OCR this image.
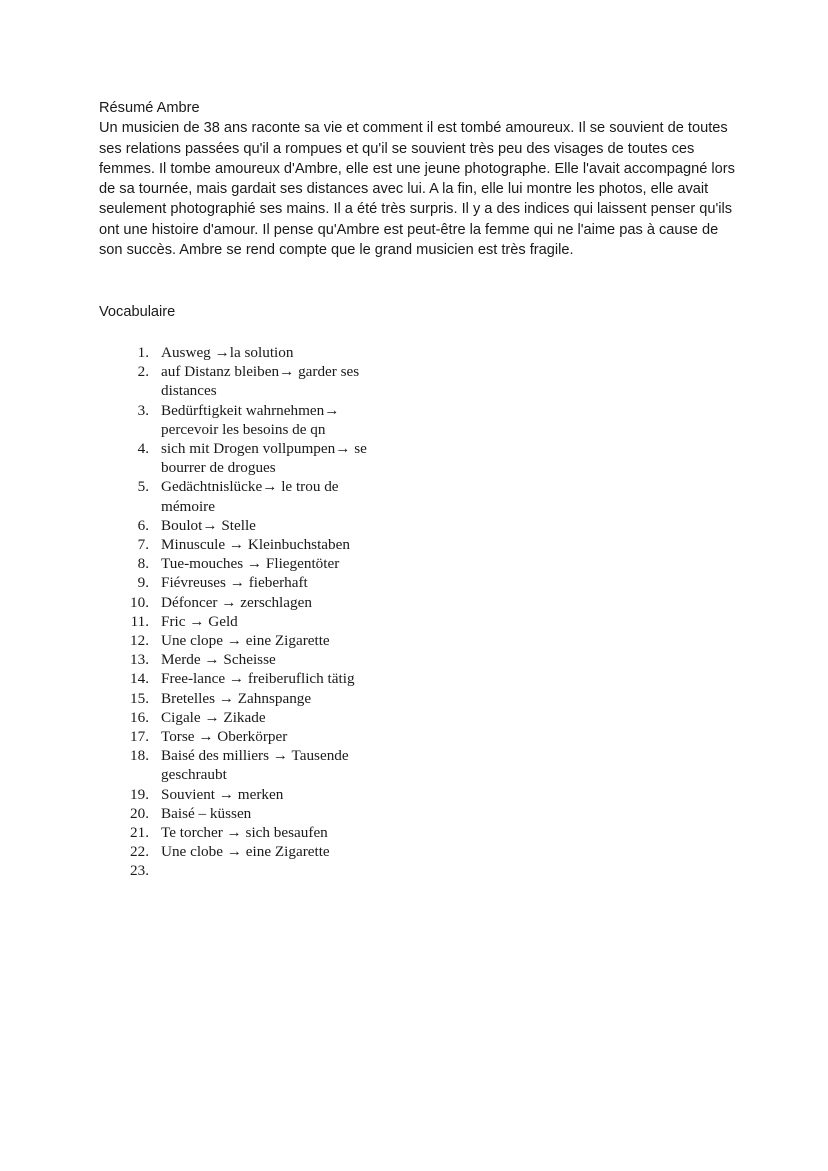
Résumé Ambre

Un musicien de 38 ans raconte sa vie et comment il est tombé amoureux. Il se souvient de toutes ses relations passées qu'il a rompues et qu'il se souvient très peu des visages de toutes ces femmes. Il tombe amoureux d'Ambre, elle est une jeune photographe. Elle l'avait accompagné lors de sa tournée, mais gardait ses distances avec lui. A la fin, elle lui montre les photos, elle avait seulement photographié ses mains. Il a été très surpris. Il y a des indices qui laissent penser qu'ils ont une histoire d'amour. Il pense qu'Ambre est peut-être la femme qui ne l'aime pas à cause de son succès. Ambre se rend compte que le grand musicien est très fragile.

Vocabulaire

1. Ausweg →la solution
2. auf Distanz bleiben→ garder ses distances
3. Bedürftigkeit wahrnehmen→ percevoir les besoins de qn
4. sich mit Drogen vollpumpen→ se bourrer de drogues
5. Gedächtnislücke→ le trou de mémoire
6. Boulot→ Stelle
7. Minuscule → Kleinbuchstaben
8. Tue-mouches → Fliegentöter
9. Fiévreuses → fieberhaft
10. Défoncer → zerschlagen
11. Fric → Geld
12. Une clope → eine Zigarette
13. Merde → Scheisse
14. Free-lance → freiberuflich tätig
15. Bretelles → Zahnspange
16. Cigale → Zikade
17. Torse → Oberkörper
18. Baisé des milliers → Tausende geschraubt
19. Souvient → merken
20. Baisé – küssen
21. Te torcher → sich besaufen
22. Une clobe → eine Zigarette
23.
